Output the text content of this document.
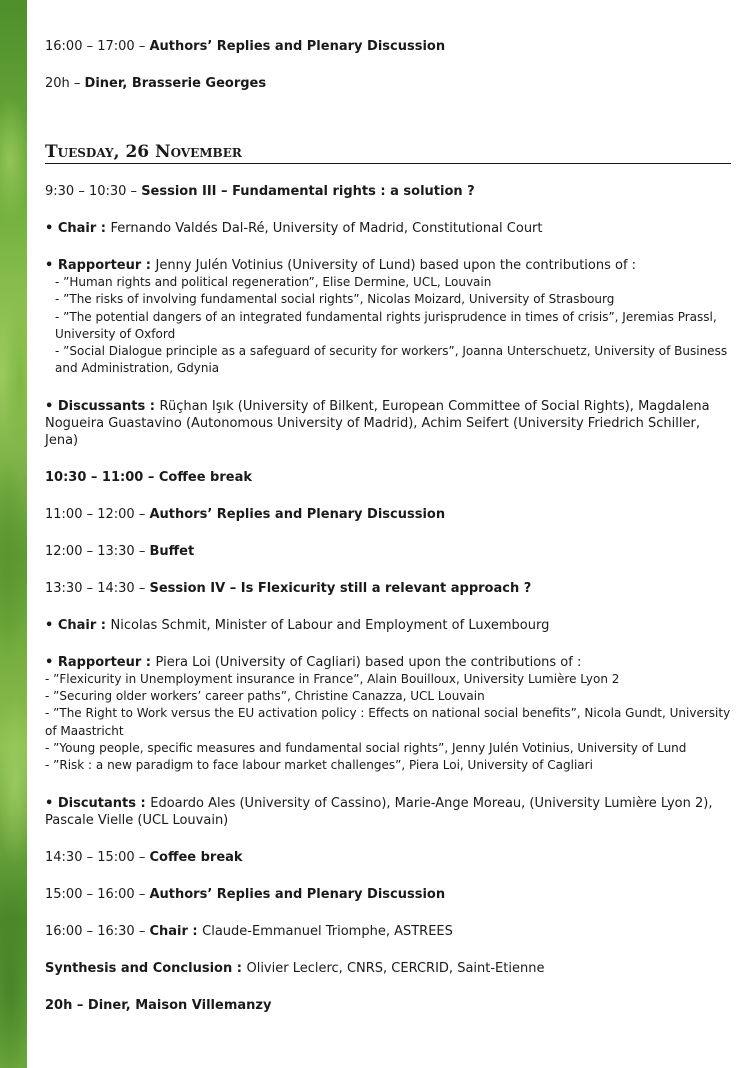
16:00 – 17:00 – Authors’ Replies and Plenary Discussion

20h – Diner, Brasserie Georges

Tuesday, 26 November

9:30 – 10:30 – Session III – Fundamental rights : a solution ?

• Chair : Fernando Valdés Dal-Ré, University of Madrid, Constitutional Court

• Rapporteur : Jenny Julén Votinius (University of Lund) based upon the contributions of :

- ”Human rights and political regeneration”, Elise Dermine, UCL, Louvain

- ”The risks of involving fundamental social rights”, Nicolas Moizard, University of Strasbourg

- ”The potential dangers of an integrated fundamental rights jurisprudence in times of crisis”, Jeremias Prassl, University of Oxford

- ”Social Dialogue principle as a safeguard of security for workers”, Joanna Unterschuetz, University of Business and Administration, Gdynia

• Discussants : Rüçhan Işık (University of Bilkent, European Committee of Social Rights), Magdalena Nogueira Guastavino (Autonomous University of Madrid), Achim Seifert (University Friedrich Schiller, Jena)

10:30 – 11:00 – Coffee break

11:00 – 12:00 – Authors’ Replies and Plenary Discussion

12:00 – 13:30 – Buffet

13:30 – 14:30 – Session IV – Is Flexicurity still a relevant approach ?

• Chair : Nicolas Schmit, Minister of Labour and Employment of Luxembourg

• Rapporteur : Piera Loi (University of Cagliari) based upon the contributions of :

- ”Flexicurity in Unemployment insurance in France”, Alain Bouilloux, University Lumière Lyon 2

- ”Securing older workers’ career paths”, Christine Canazza, UCL Louvain

- ”The Right to Work versus the EU activation policy : Effects on national social benefits”, Nicola Gundt, University of Maastricht

- ”Young people, specific measures and fundamental social rights”, Jenny Julén Votinius, University of Lund

- ”Risk : a new paradigm to face labour market challenges”, Piera Loi, University of Cagliari

• Discutants : Edoardo Ales (University of Cassino), Marie-Ange Moreau, (University Lumière Lyon 2), Pascale Vielle (UCL Louvain)

14:30 – 15:00 – Coffee break

15:00 – 16:00 – Authors’ Replies and Plenary Discussion

16:00 – 16:30 – Chair : Claude-Emmanuel Triomphe, ASTREES

Synthesis and Conclusion : Olivier Leclerc, CNRS, CERCRID, Saint-Etienne

20h – Diner, Maison Villemanzy
